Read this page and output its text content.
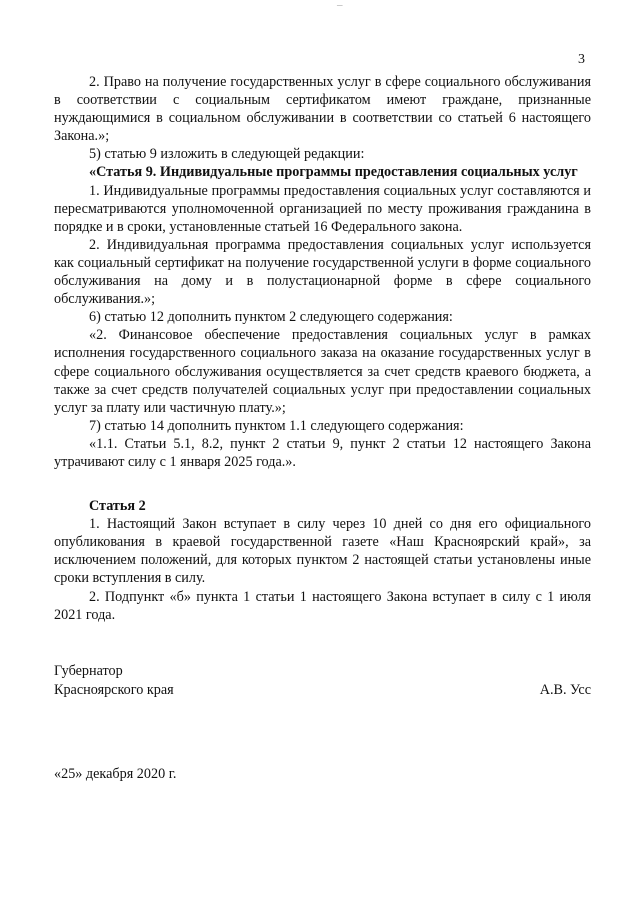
–
3

2. Право на получение государственных услуг в сфере социального обслуживания в соответствии с социальным сертификатом имеют граждане, признанные нуждающимися в социальном обслуживании в соответствии со статьей 6 настоящего Закона.»;

5) статью 9 изложить в следующей редакции:

«Статья 9. Индивидуальные программы предоставления социальных услуг

1. Индивидуальные программы предоставления социальных услуг составляются и пересматриваются уполномоченной организацией по месту проживания гражданина в порядке и в сроки, установленные статьей 16 Федерального закона.

2. Индивидуальная программа предоставления социальных услуг используется как социальный сертификат на получение государственной услуги в форме социального обслуживания на дому и в полустационарной форме в сфере социального обслуживания.»;

6) статью 12 дополнить пунктом 2 следующего содержания:

«2. Финансовое обеспечение предоставления социальных услуг в рамках исполнения государственного социального заказа на оказание государственных услуг в сфере социального обслуживания осуществляется за счет средств краевого бюджета, а также за счет средств получателей социальных услуг при предоставлении социальных услуг за плату или частичную плату.»;

7) статью 14 дополнить пунктом 1.1 следующего содержания:

«1.1. Статьи 5.1, 8.2, пункт 2 статьи 9, пункт 2 статьи 12 настоящего Закона утрачивают силу с 1 января 2025 года.».

Статья 2

1. Настоящий Закон вступает в силу через 10 дней со дня его официального опубликования в краевой государственной газете «Наш Красноярский край», за исключением положений, для которых пунктом 2 настоящей статьи установлены иные сроки вступления в силу.

2. Подпункт «б» пункта 1 статьи 1 настоящего Закона вступает в силу с 1 июля 2021 года.

Губернатор
Красноярского края	А.В. Усс
«25» декабря 2020 г.
